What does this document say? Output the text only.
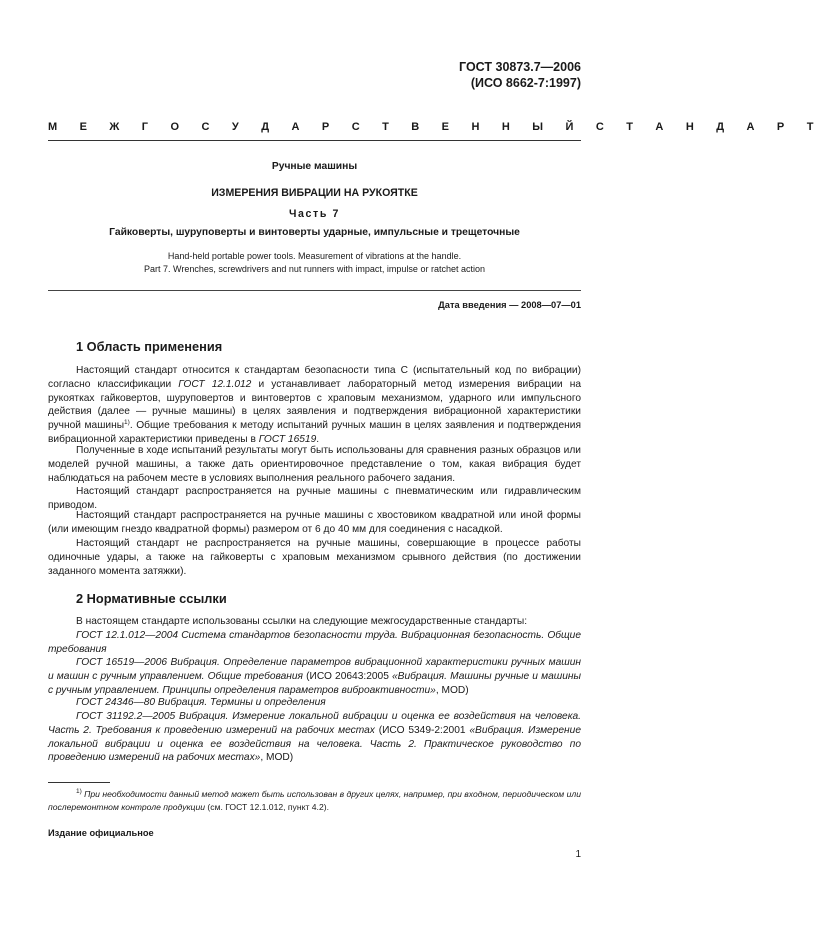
ГОСТ 30873.7—2006
(ИСО 8662-7:1997)
М Е Ж Г О С У Д А Р С Т В Е Н Н Ы Й С Т А Н Д А Р Т
Ручные машины
ИЗМЕРЕНИЯ ВИБРАЦИИ НА РУКОЯТКЕ
Часть 7
Гайковерты, шуруповерты и винтоверты ударные, импульсные и трещеточные
Hand-held portable power tools. Measurement of vibrations at the handle.
Part 7. Wrenches, screwdrivers and nut runners with impact, impulse or ratchet action
Дата введения — 2008—07—01
1 Область применения

Настоящий стандарт относится к стандартам безопасности типа С (испытательный код по вибрации) согласно классификации ГОСТ 12.1.012 и устанавливает лабораторный метод измерения вибрации на рукоятках гайковертов, шуруповертов и винтовертов с храповым механизмом, ударного или импульсного действия (далее — ручные машины) в целях заявления и подтверждения вибрационной характеристики ручной машины$^{1)}$. Общие требования к методу испытаний ручных машин в целях заявления и подтверждения вибрационной характеристики приведены в ГОСТ 16519.

Полученные в ходе испытаний результаты могут быть использованы для сравнения разных образцов или моделей ручной машины, а также дать ориентировочное представление о том, какая вибрация будет наблюдаться на рабочем месте в условиях выполнения реального рабочего задания.

Настоящий стандарт распространяется на ручные машины с пневматическим или гидравлическим приводом.

Настоящий стандарт распространяется на ручные машины с хвостовиком квадратной или иной формы (или имеющим гнездо квадратной формы) размером от 6 до 40 мм для соединения с насадкой.

Настоящий стандарт не распространяется на ручные машины, совершающие в процессе работы одиночные удары, а также на гайковерты с храповым механизмом срывного действия (по достижении заданного момента затяжки).

2 Нормативные ссылки

В настоящем стандарте использованы ссылки на следующие межгосударственные стандарты:

ГОСТ 12.1.012—2004 Система стандартов безопасности труда. Вибрационная безопасность. Общие требования

ГОСТ 16519—2006 Вибрация. Определение параметров вибрационной характеристики ручных машин и машин с ручным управлением. Общие требования (ИСО 20643:2005 «Вибрация. Машины ручные и машины с ручным управлением. Принципы определения параметров виброактивности», MOD)

ГОСТ 24346—80 Вибрация. Термины и определения

ГОСТ 31192.2—2005 Вибрация. Измерение локальной вибрации и оценка ее воздействия на человека. Часть 2. Требования к проведению измерений на рабочих местах (ИСО 5349-2:2001 «Вибрация. Измерение локальной вибрации и оценка ее воздействия на человека. Часть 2. Практическое руководство по проведению измерений на рабочих местах», MOD)

$^{1)}$ При необходимости данный метод может быть использован в других целях, например, при входном, периодическом или послеремонтном контроле продукции (см. ГОСТ 12.1.012, пункт 4.2).

Издание официальное
1
